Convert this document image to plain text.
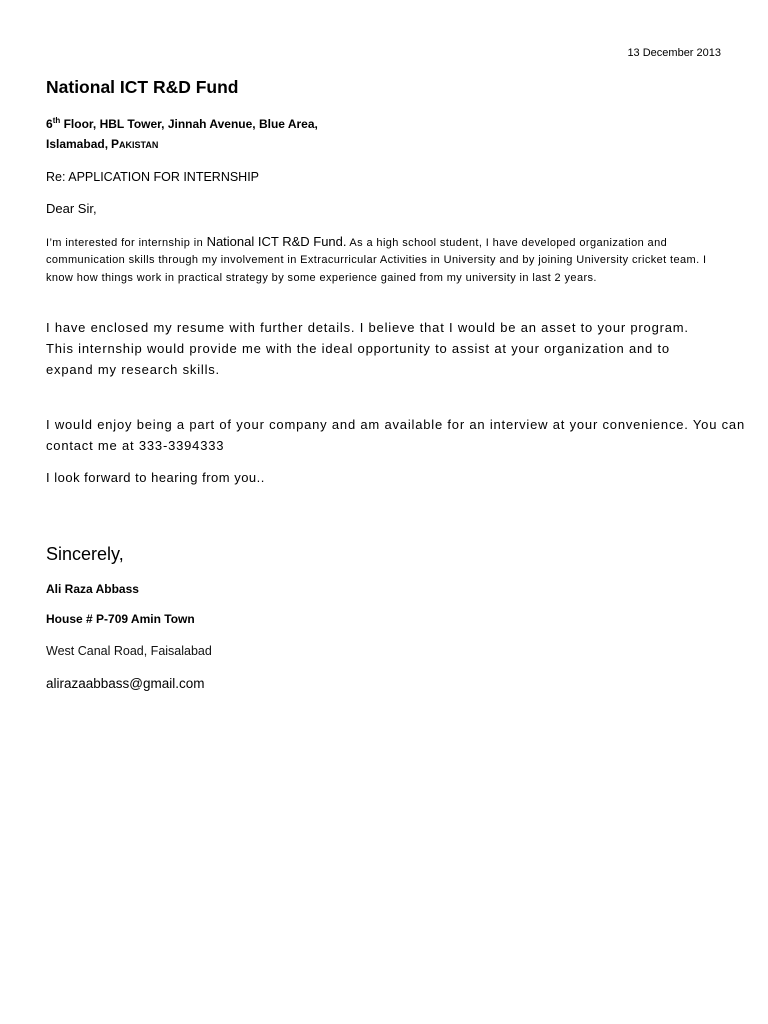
13 December 2013
National ICT R&D Fund
6th Floor, HBL Tower, Jinnah Avenue, Blue Area,
Islamabad, PAKISTAN
Re: APPLICATION FOR INTERNSHIP
Dear Sir,
I’m interested for internship in National ICT R&D Fund. As a high school student, I have developed organization and
communication skills through my involvement in Extracurricular Activities in University and by joining University cricket team. I
know how things work in practical strategy by some experience gained from my university in last 2 years.
I have enclosed my resume with further details. I believe that I would be an asset to your program.
This internship would provide me with the ideal opportunity to assist at your organization and to
expand my research skills.
I would enjoy being a part of your company and am available for an interview at your convenience. You can
contact me at 333-3394333
I look forward to hearing from you..
Sincerely,
Ali Raza Abbass
House # P-709 Amin Town
West Canal Road, Faisalabad
alirazaabbass@gmail.com
